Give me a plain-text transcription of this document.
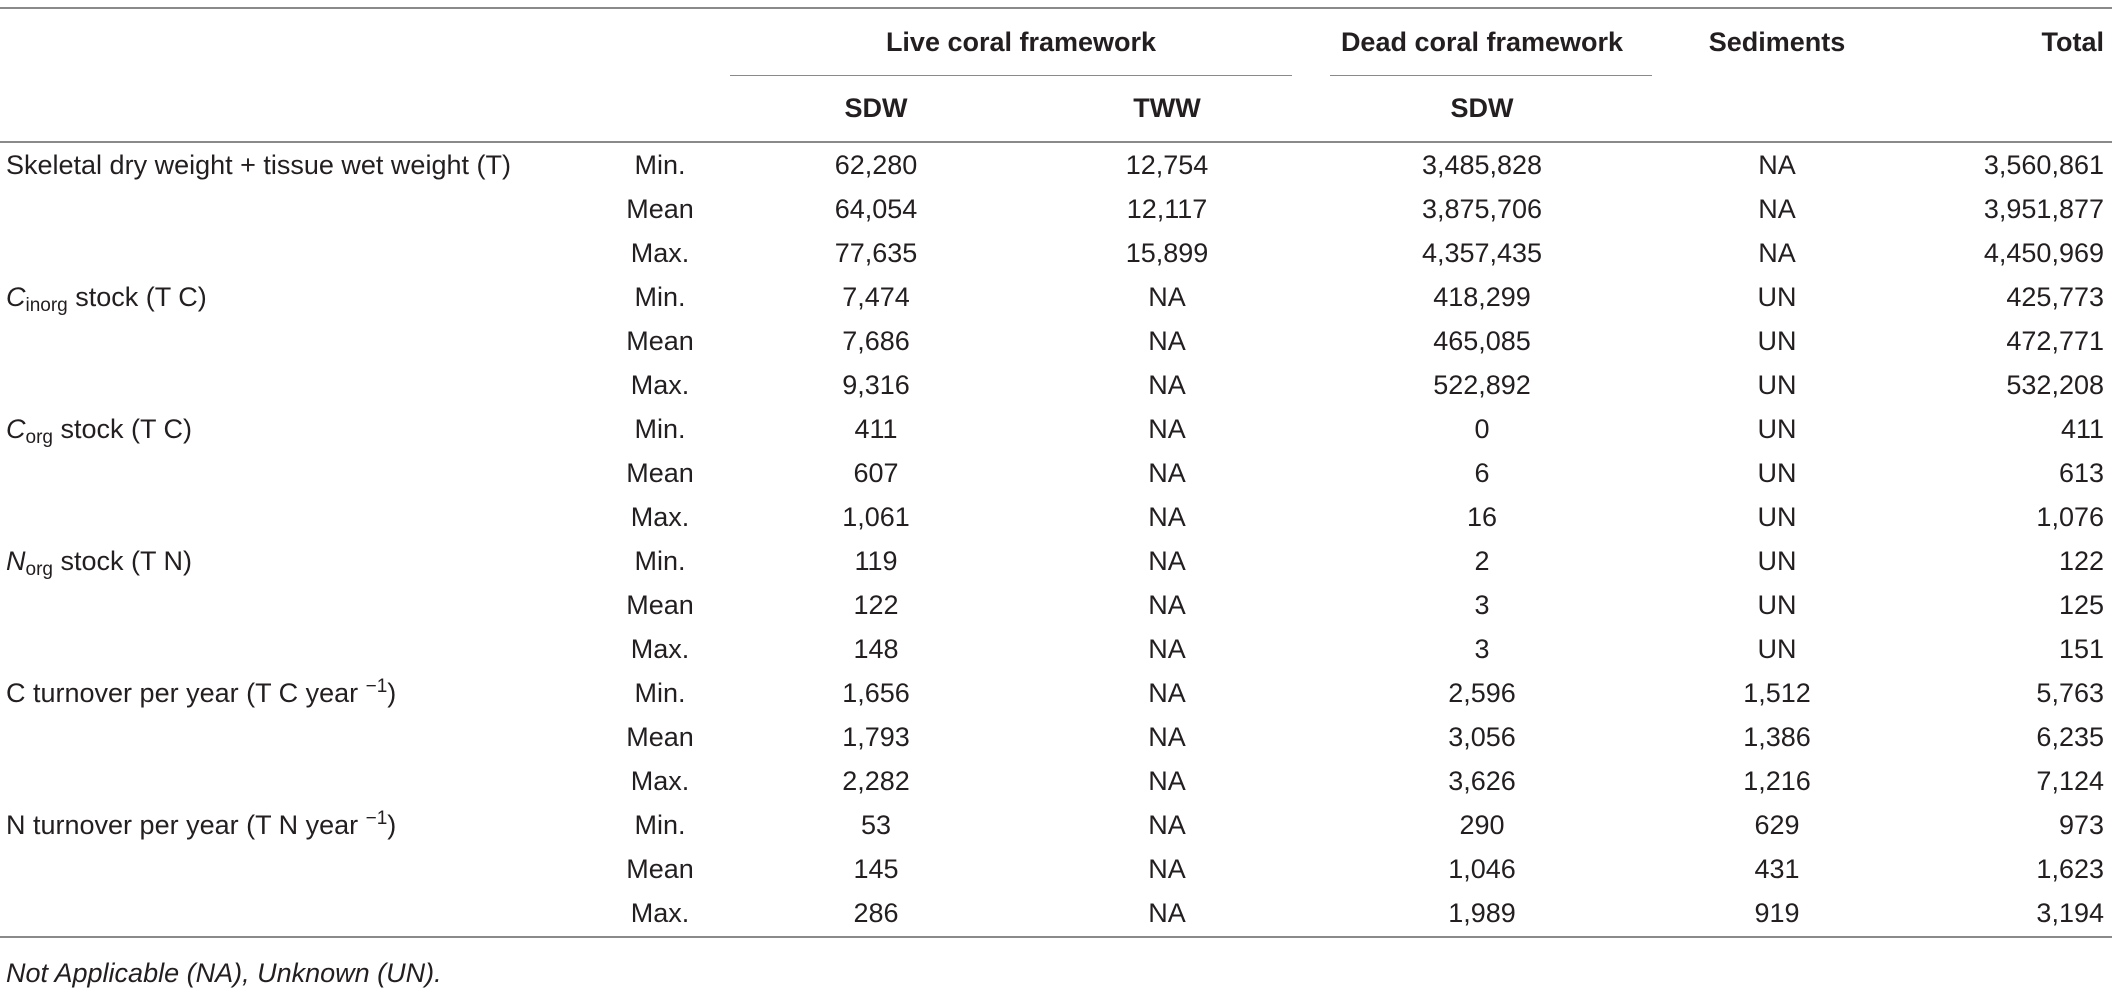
		Live coral framework		Dead coral framework	Sediments	Total
		SDW	TWW	SDW		
Skeletal dry weight + tissue wet weight (T)	Min.	62,280	12,754	3,485,828	NA	3,560,861
	Mean	64,054	12,117	3,875,706	NA	3,951,877
	Max.	77,635	15,899	4,357,435	NA	4,450,969
$C_{inorg}$ stock (T C)	Min.	7,474	NA	418,299	UN	425,773
	Mean	7,686	NA	465,085	UN	472,771
	Max.	9,316	NA	522,892	UN	532,208
$C_{org}$ stock (T C)	Min.	411	NA	0	UN	411
	Mean	607	NA	6	UN	613
	Max.	1,061	NA	16	UN	1,076
$N_{org}$ stock (T N)	Min.	119	NA	2	UN	122
	Mean	122	NA	3	UN	125
	Max.	148	NA	3	UN	151
C turnover per year (T C year $^{-1}$)	Min.	1,656	NA	2,596	1,512	5,763
	Mean	1,793	NA	3,056	1,386	6,235
	Max.	2,282	NA	3,626	1,216	7,124
N turnover per year (T N year $^{-1}$)	Min.	53	NA	290	629	973
	Mean	145	NA	1,046	431	1,623
	Max.	286	NA	1,989	919	3,194
Not Applicable (NA), Unknown (UN).
